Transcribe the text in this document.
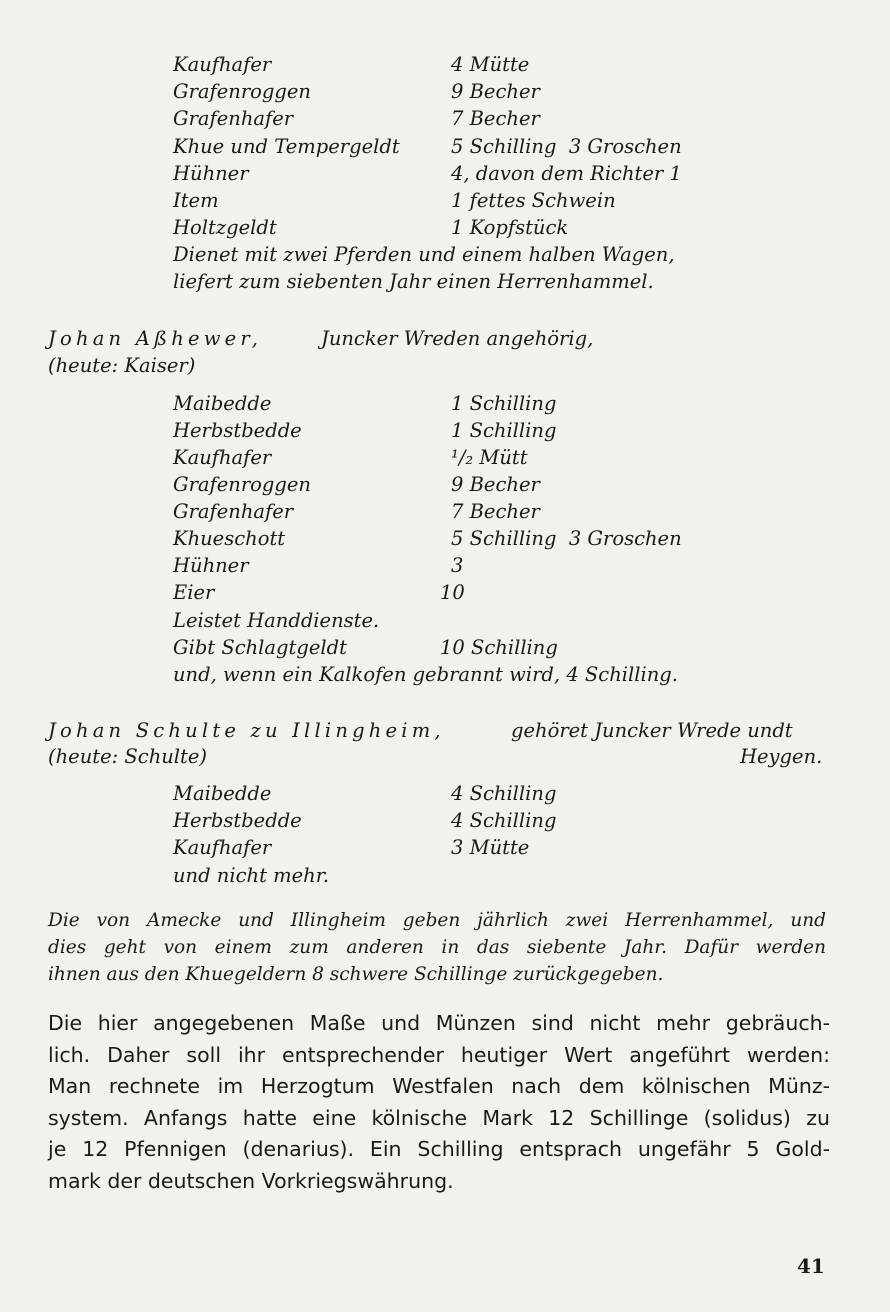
Kaufhafer	4 Mütte
Grafenroggen	9 Becher
Grafenhafer	7 Becher
Khue und Tempergeldt	5 Schilling  3 Groschen
Hühner	4, davon dem Richter 1
Item	1 fettes Schwein
Holtzgeldt	1 Kopfstück
Dienet mit zwei Pferden und einem halben Wagen,
liefert zum siebenten Jahr einen Herrenhammel.
Johan Aßhewer,	Juncker Wreden angehörig,
(heute: Kaiser)
Maibedde	1 Schilling
Herbstbedde	1 Schilling
Kaufhafer	¹/₂ Mütt
Grafenroggen	9 Becher
Grafenhafer	7 Becher
Khueschott	5 Schilling  3 Groschen
Hühner	3
Eier	10
Leistet Handdienste.
Gibt Schlagtgeldt	10 Schilling
und, wenn ein Kalkofen gebrannt wird, 4 Schilling.
Johan Schulte zu Illingheim,	gehöret Juncker Wrede undt
(heute: Schulte)	Heygen.
Maibedde	4 Schilling
Herbstbedde	4 Schilling
Kaufhafer	3 Mütte
und nicht mehr.
Die von Amecke und Illingheim geben jährlich zwei Herrenhammel, und
dies geht von einem zum anderen in das siebente Jahr. Dafür werden
ihnen aus den Khuegeldern 8 schwere Schillinge zurückgegeben.
Die hier angegebenen Maße und Münzen sind nicht mehr gebräuch-
lich. Daher soll ihr entsprechender heutiger Wert angeführt werden:
Man rechnete im Herzogtum Westfalen nach dem kölnischen Münz-
system. Anfangs hatte eine kölnische Mark 12 Schillinge (solidus) zu
je 12 Pfennigen (denarius). Ein Schilling entsprach ungefähr 5 Gold-
mark der deutschen Vorkriegswährung.
41
